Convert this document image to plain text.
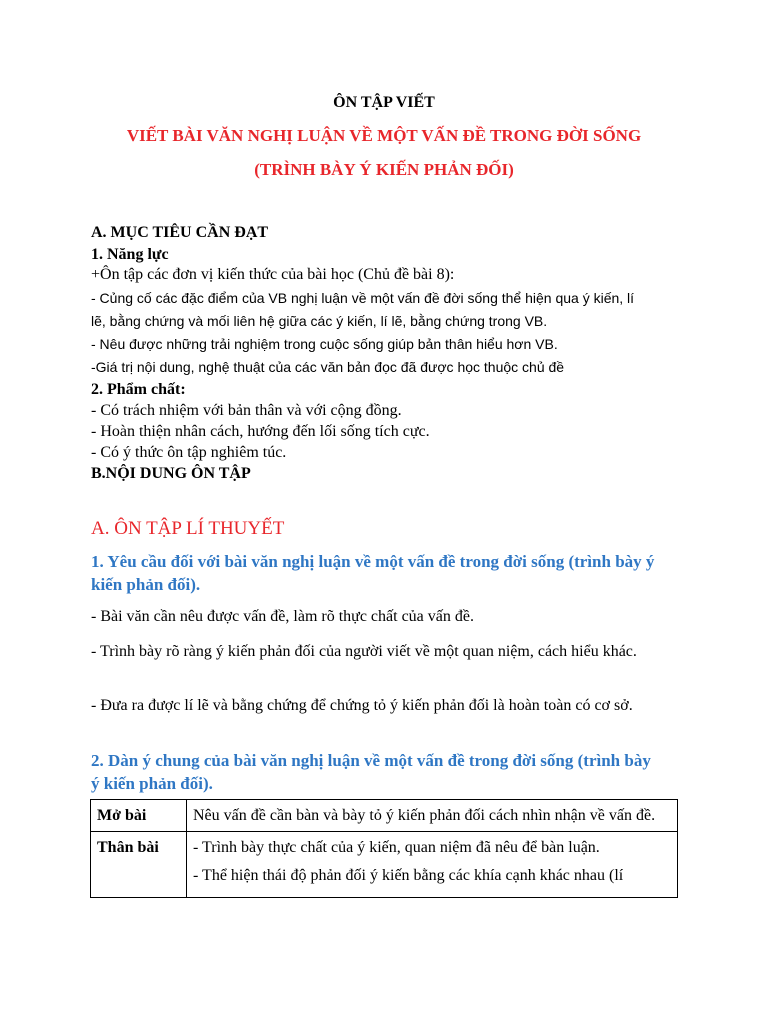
ÔN TẬP VIẾT
VIẾT BÀI VĂN NGHỊ LUẬN VỀ MỘT VẤN ĐỀ TRONG ĐỜI SỐNG
(TRÌNH BÀY Ý KIẾN PHẢN ĐỐI)
A. MỤC TIÊU CẦN ĐẠT
1. Năng lực
+Ôn tập các đơn vị kiến thức của bài học (Chủ đề bài 8):
- Củng cố các đặc điểm của VB nghị luận về một vấn đề đời sống thể hiện qua ý kiến, lí
lẽ, bằng chứng và mối liên hệ giữa các ý kiến, lí lẽ, bằng chứng trong VB.
- Nêu được những trải nghiệm trong cuộc sống giúp bản thân hiểu hơn VB.
-Giá trị nội dung, nghệ thuật của các văn bản đọc đã được học thuộc chủ đề
2. Phẩm chất:
- Có trách nhiệm với bản thân và với cộng đồng.
- Hoàn thiện nhân cách, hướng đến lối sống tích cực.
- Có ý thức ôn tập nghiêm túc.
B.NỘI DUNG ÔN TẬP
A. ÔN TẬP LÍ THUYẾT
1. Yêu cầu đối với bài văn nghị luận về một vấn đề trong đời sống (trình bày ý
kiến phản đối).
- Bài văn cần nêu được vấn đề, làm rõ thực chất của vấn đề.
- Trình bày rõ ràng ý kiến phản đối của người viết về một quan niệm, cách hiểu khác.
- Đưa ra được lí lẽ và bằng chứng để chứng tỏ ý kiến phản đối là hoàn toàn có cơ sở.
2. Dàn ý chung của bài văn nghị luận về một vấn đề trong đời sống (trình bày
ý kiến phản đối).
Mở bài	Nêu vấn đề cần bàn và bày tỏ ý kiến phản đối cách nhìn nhận về vấn đề.
Thân bài	- Trình bày thực chất của ý kiến, quan niệm đã nêu để bàn luận.

- Thể hiện thái độ phản đối ý kiến bằng các khía cạnh khác nhau (lí
